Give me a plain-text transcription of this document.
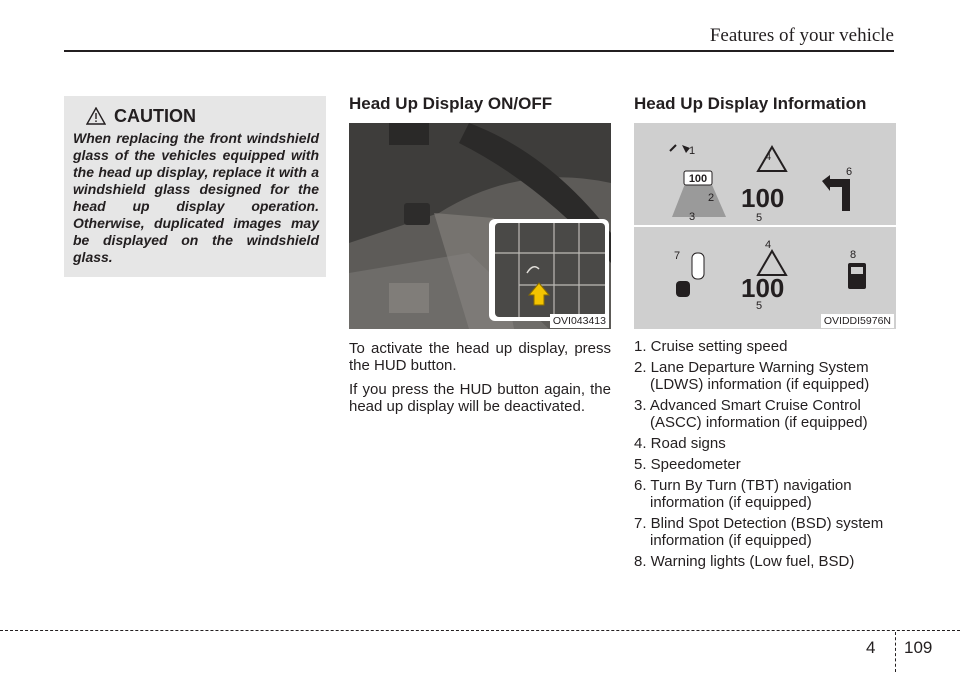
Features of your vehicle
CAUTION
When replacing the front windshield glass of the vehicles equipped with the head up display, replace it with a windshield glass designed for the head up display operation. Otherwise, duplicated images may be displayed on the windshield glass.
Head Up Display ON/OFF
OVI043413

To activate the head up display, press the HUD button.

If you press the HUD button again, the head up display will be deactivated.

Head Up Display Information
100
100
1
2
3
4
5
6
100
7
4
5
8
OVIDDI5976N
1. Cruise setting speed
2. Lane Departure Warning System (LDWS) information (if equipped)
3. Advanced Smart Cruise Control (ASCC) information (if equipped)
4. Road signs
5. Speedometer
6. Turn By Turn (TBT) navigation information (if equipped)
7. Blind Spot Detection (BSD) system information (if equipped)
8. Warning lights (Low fuel, BSD)
4 109
